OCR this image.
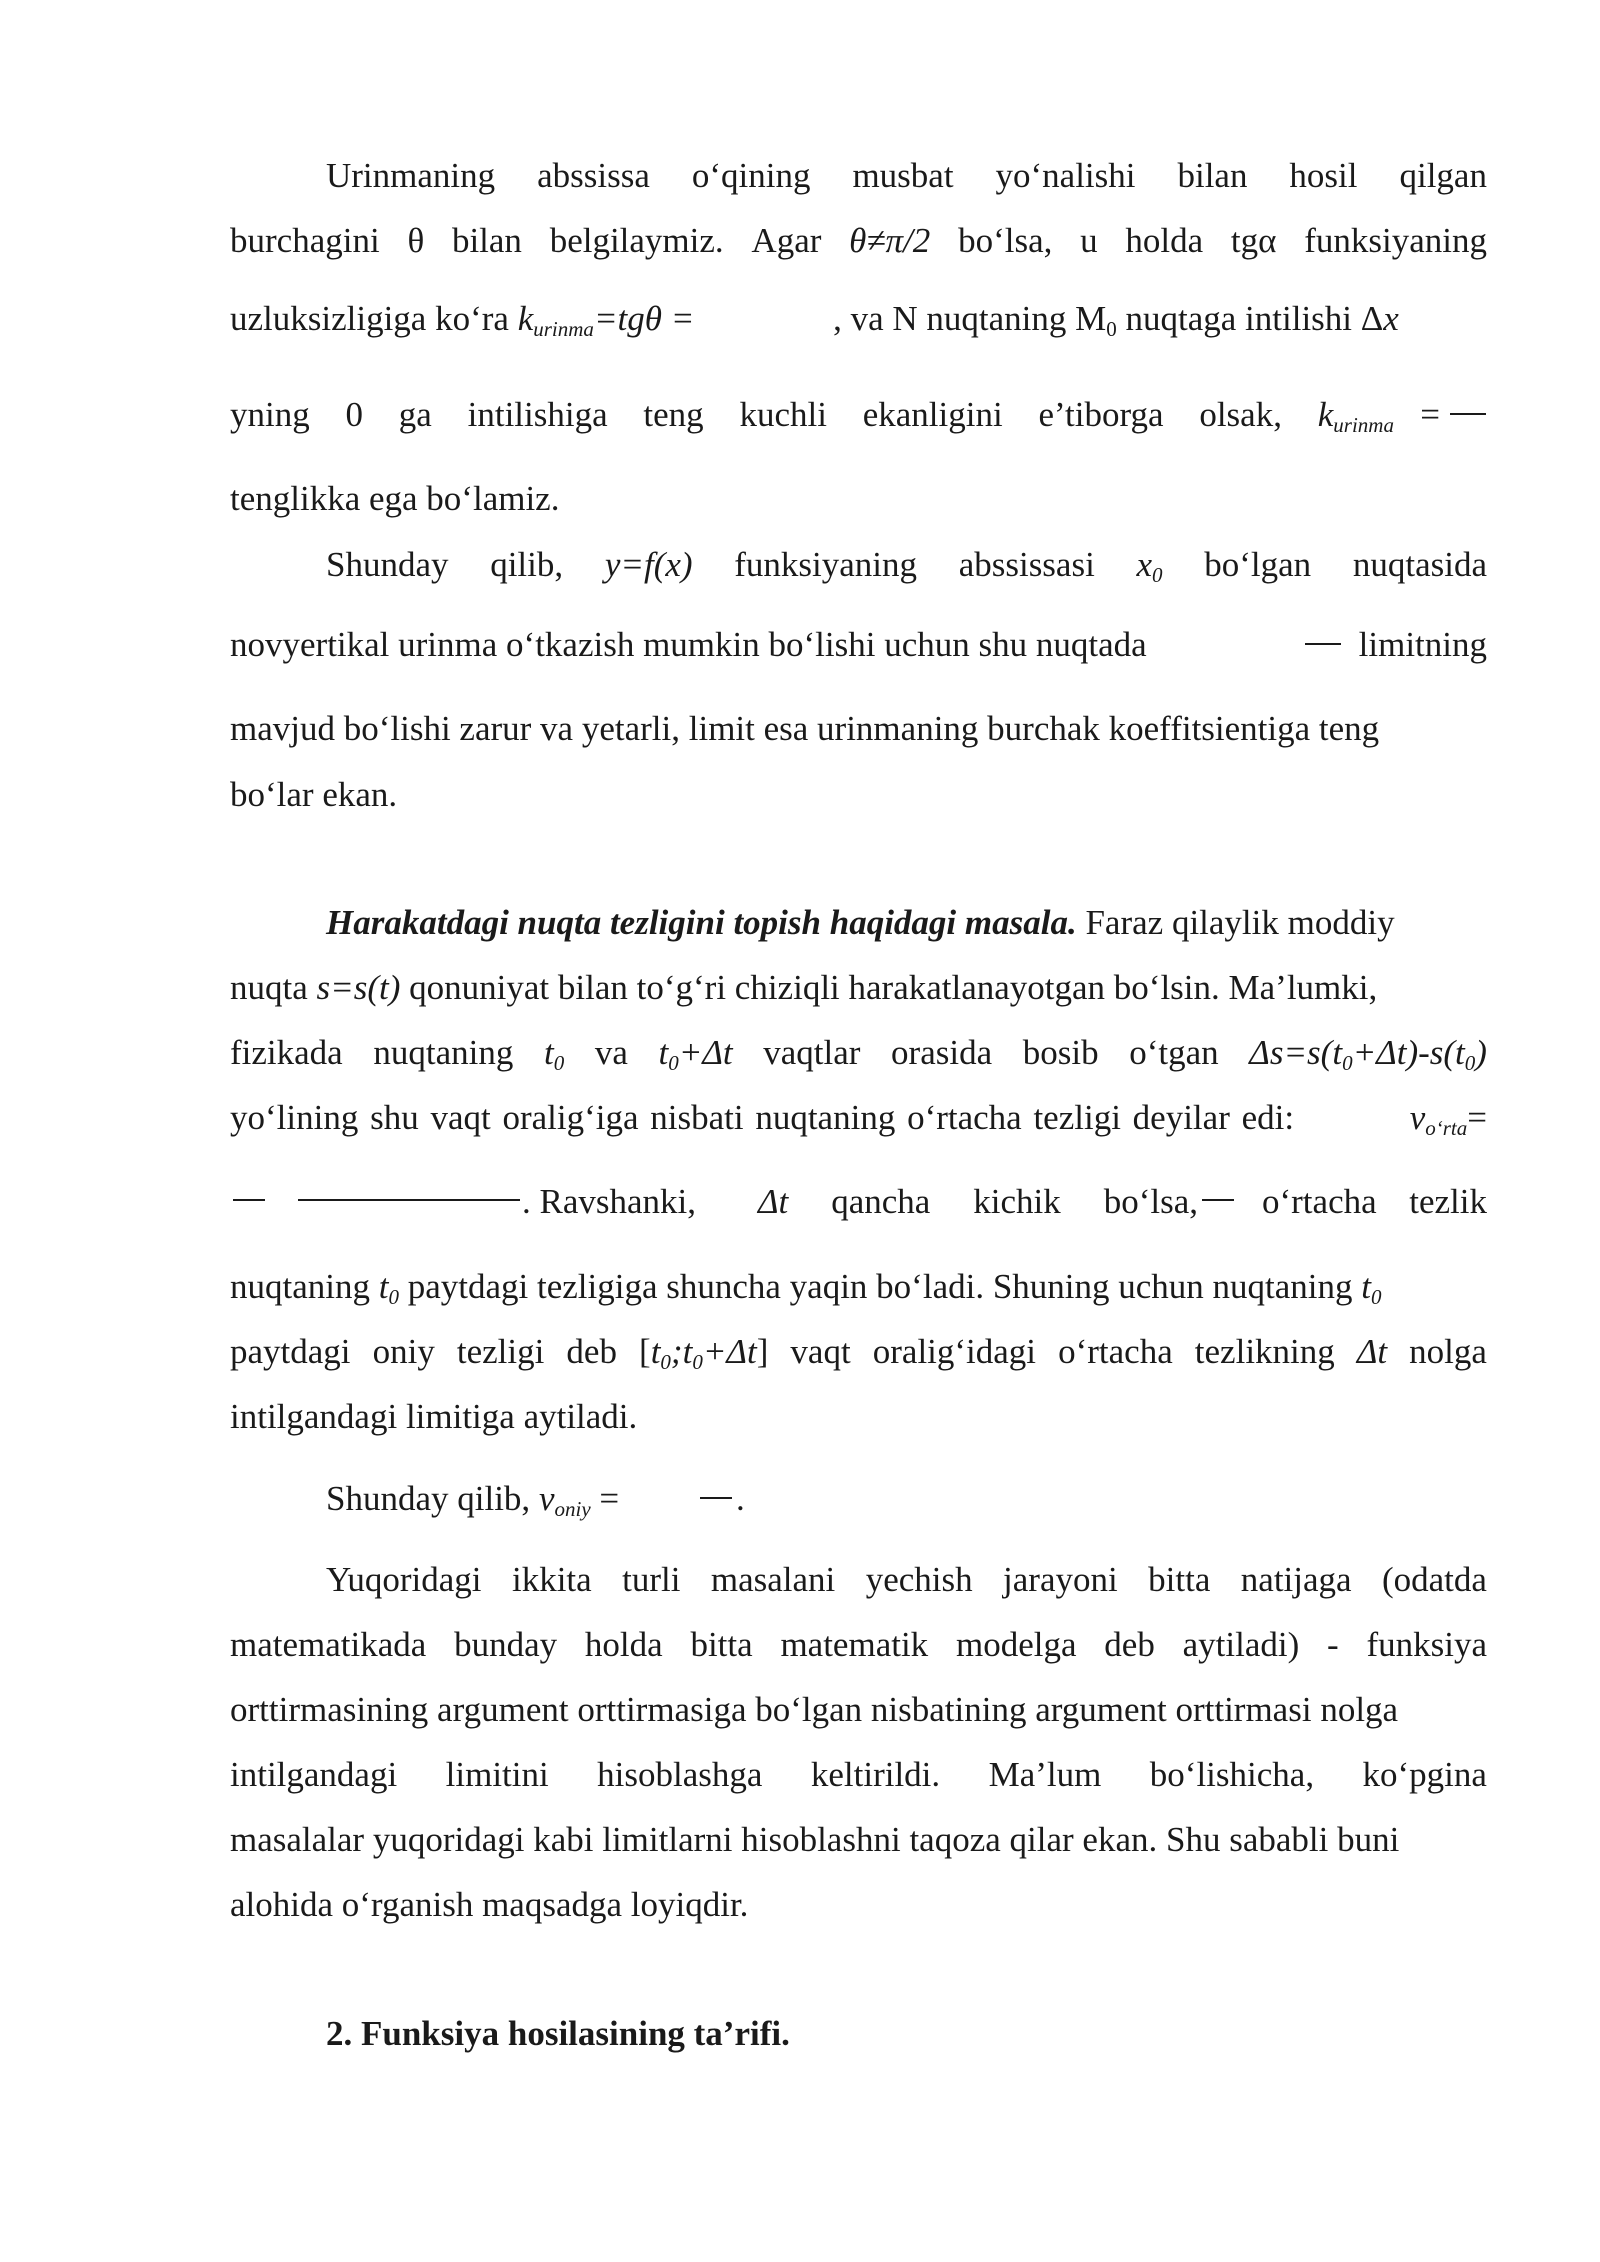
Urinmaning abssissa o‘qining musbat yo‘nalishi bilan hosil qilgan
burchagini θ bilan belgilaymiz. Agar θ≠π/2 bo‘lsa, u holda tgα funksiyaning
uzluksizligiga ko‘ra $k_{urinma}=tg\theta$ =	, va N nuqtaning $M_0$ nuqtaga intilishi Δx
yning 0 ga intilishiga teng kuchli ekanligini e’tiborga olsak, $k_{urinma}$ =
tenglikka ega bo‘lamiz.
Shunday qilib, y=f(x) funksiyaning abssissasi $x_0$ bo‘lgan nuqtasida
novyertikal urinma o‘tkazish mumkin bo‘lishi uchun shu nuqtada	limitning
mavjud bo‘lishi zarur va yetarli, limit esa urinmaning burchak koeffitsientiga teng
bo‘lar ekan.
Harakatdagi nuqta tezligini topish haqidagi masala. Faraz qilaylik moddiy
nuqta s=s(t) qonuniyat bilan to‘g‘ri chiziqli harakatlanayotgan bo‘lsin. Ma’lumki,
fizikada nuqtaning $t_0$ va $t_0+\Delta t$ vaqtlar orasida bosib o‘tgan $\Delta s=s(t_0+\Delta t)-s(t_0)$
yo‘lining shu vaqt oralig‘iga nisbati nuqtaning o‘rtacha tezligi deyilar edi:	$v_{o‘rta}=$
. Ravshanki,	Δt qancha kichik bo‘lsa, o‘rtacha tezlik
nuqtaning $t_0$ paytdagi tezligiga shuncha yaqin bo‘ladi. Shuning uchun nuqtaning $t_0$
paytdagi oniy tezligi deb $[t_0;t_0+\Delta t]$ vaqt oralig‘idagi o‘rtacha tezlikning Δt nolga
intilgandagi limitiga aytiladi.
Shunday qilib, $v_{oniy}$ =	.
Yuqoridagi ikkita turli masalani yechish jarayoni bitta natijaga (odatda
matematikada bunday holda bitta matematik modelga deb aytiladi) - funksiya
orttirmasining argument orttirmasiga bo‘lgan nisbatining argument orttirmasi nolga
intilgandagi limitini hisoblashga keltirildi. Ma’lum bo‘lishicha, ko‘pgina
masalalar yuqoridagi kabi limitlarni hisoblashni taqoza qilar ekan. Shu sababli buni
alohida o‘rganish maqsadga loyiqdir.
2. Funksiya hosilasining ta’rifi.
